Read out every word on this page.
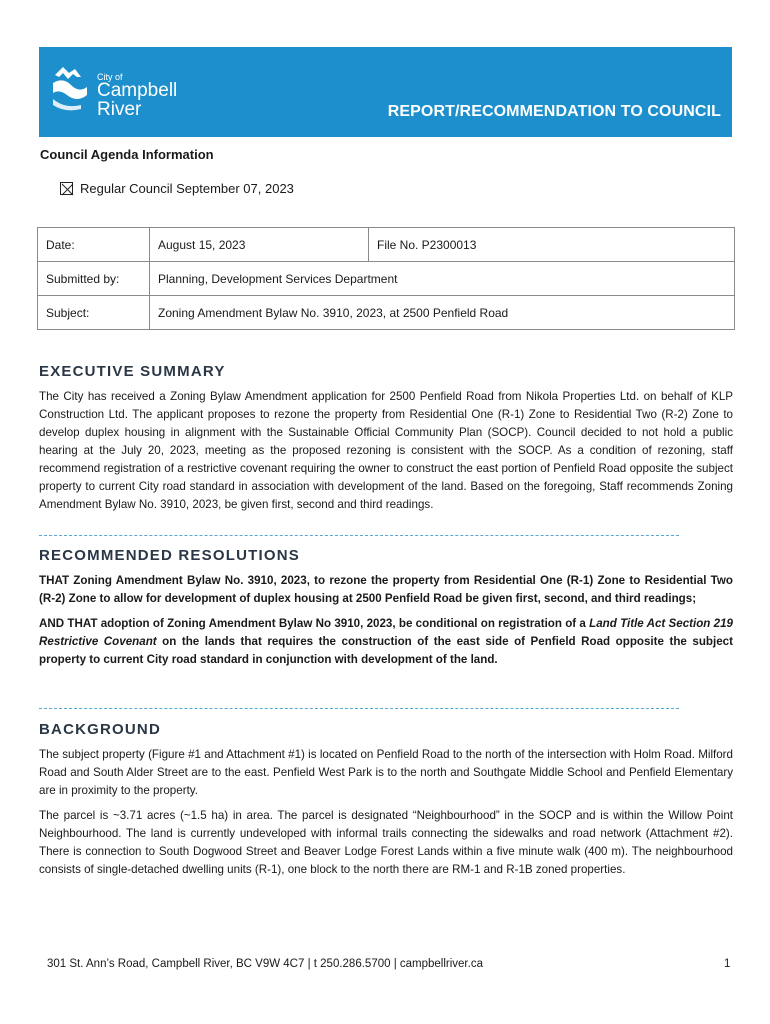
City of
Campbell
River	REPORT/RECOMMENDATION TO COUNCIL
Council Agenda Information
Regular Council September 07, 2023
Date:	August 15, 2023	File No. P2300013
Submitted by:	Planning, Development Services Department	
Subject:	Zoning Amendment Bylaw No. 3910, 2023, at 2500 Penfield Road	
EXECUTIVE SUMMARY

The City has received a Zoning Bylaw Amendment application for 2500 Penfield Road from Nikola Properties Ltd. on behalf of KLP Construction Ltd. The applicant proposes to rezone the property from Residential One (R-1) Zone to Residential Two (R-2) Zone to develop duplex housing in alignment with the Sustainable Official Community Plan (SOCP). Council decided to not hold a public hearing at the July 20, 2023, meeting as the proposed rezoning is consistent with the SOCP. As a condition of rezoning, staff recommend registration of a restrictive covenant requiring the owner to construct the east portion of Penfield Road opposite the subject property to current City road standard in association with development of the land. Based on the foregoing, Staff recommends Zoning Amendment Bylaw No. 3910, 2023, be given first, second and third readings.

RECOMMENDED RESOLUTIONS

THAT Zoning Amendment Bylaw No. 3910, 2023, to rezone the property from Residential One (R-1) Zone to Residential Two (R-2) Zone to allow for development of duplex housing at 2500 Penfield Road be given first, second, and third readings;

AND THAT adoption of Zoning Amendment Bylaw No 3910, 2023, be conditional on registration of a Land Title Act Section 219 Restrictive Covenant on the lands that requires the construction of the east side of Penfield Road opposite the subject property to current City road standard in conjunction with development of the land.

BACKGROUND

The subject property (Figure #1 and Attachment #1) is located on Penfield Road to the north of the intersection with Holm Road. Milford Road and South Alder Street are to the east. Penfield West Park is to the north and Southgate Middle School and Penfield Elementary are in proximity to the property.

The parcel is ~3.71 acres (~1.5 ha) in area. The parcel is designated “Neighbourhood” in the SOCP and is within the Willow Point Neighbourhood. The land is currently undeveloped with informal trails connecting the sidewalks and road network (Attachment #2). There is connection to South Dogwood Street and Beaver Lodge Forest Lands within a five minute walk (400 m). The neighbourhood consists of single-detached dwelling units (R-1), one block to the north there are RM-1 and R-1B zoned properties.

301 St. Ann’s Road, Campbell River, BC V9W 4C7 | t 250.286.5700 | campbellriver.ca	1
